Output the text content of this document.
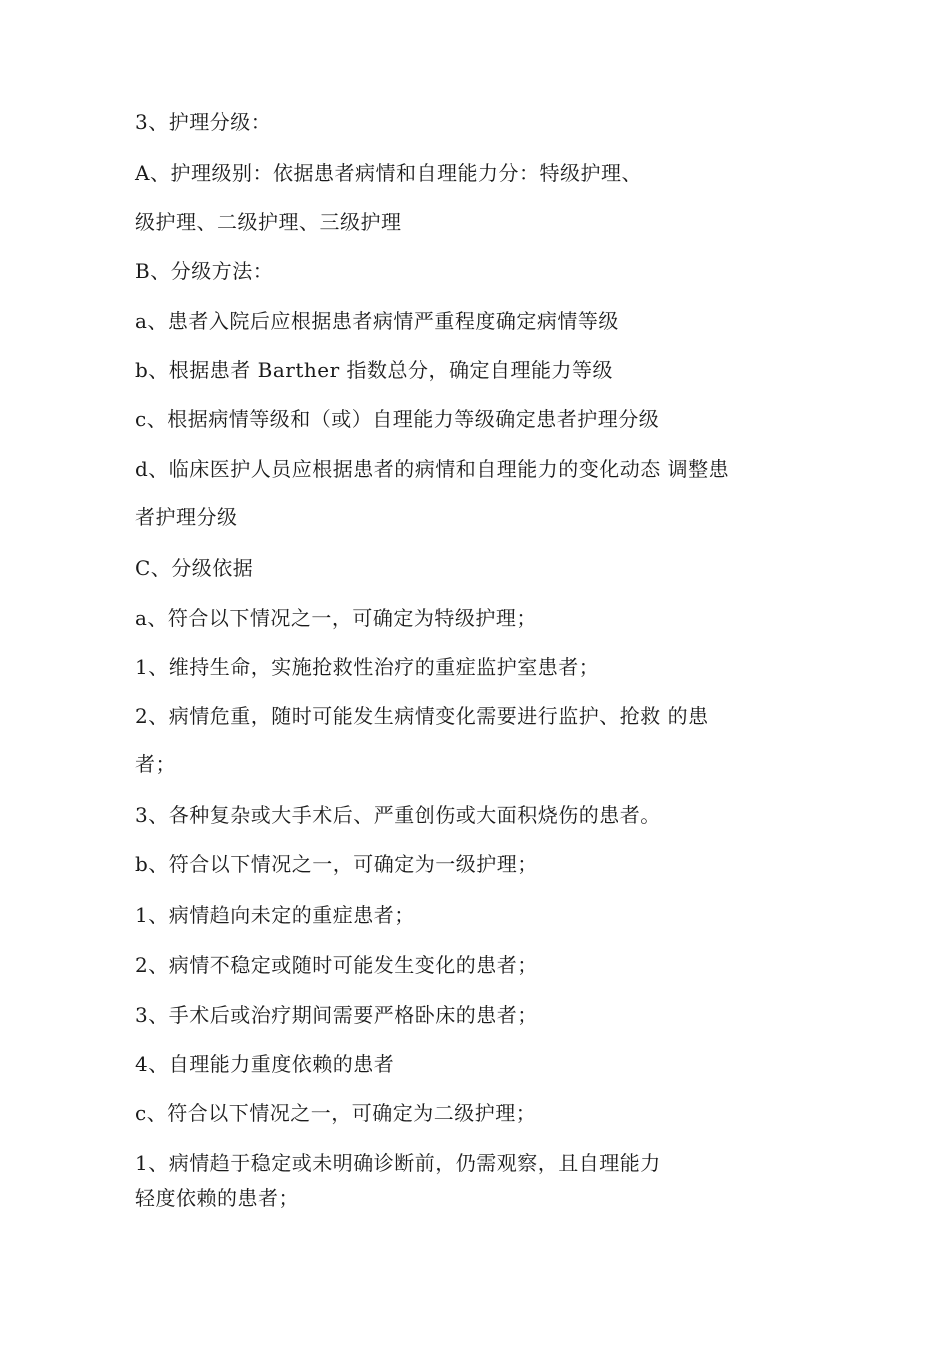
3、护理分级：
A、护理级别：依据患者病情和自理能力分：特级护理、
级护理、二级护理、三级护理
B、分级方法：
a、患者入院后应根据患者病情严重程度确定病情等级
b、根据患者 Barther 指数总分，确定自理能力等级
c、根据病情等级和（或）自理能力等级确定患者护理分级
d、临床医护人员应根据患者的病情和自理能力的变化动态 调整患
者护理分级
C、分级依据
a、符合以下情况之一，可确定为特级护理；
1、维持生命，实施抢救性治疗的重症监护室患者；
2、病情危重，随时可能发生病情变化需要进行监护、抢救 的患
者；
3、各种复杂或大手术后、严重创伤或大面积烧伤的患者。
b、符合以下情况之一，可确定为一级护理；
1、病情趋向未定的重症患者；
2、病情不稳定或随时可能发生变化的患者；
3、手术后或治疗期间需要严格卧床的患者；
4、自理能力重度依赖的患者
c、符合以下情况之一，可确定为二级护理；
1、病情趋于稳定或未明确诊断前，仍需观察，且自理能力
轻度依赖的患者；
